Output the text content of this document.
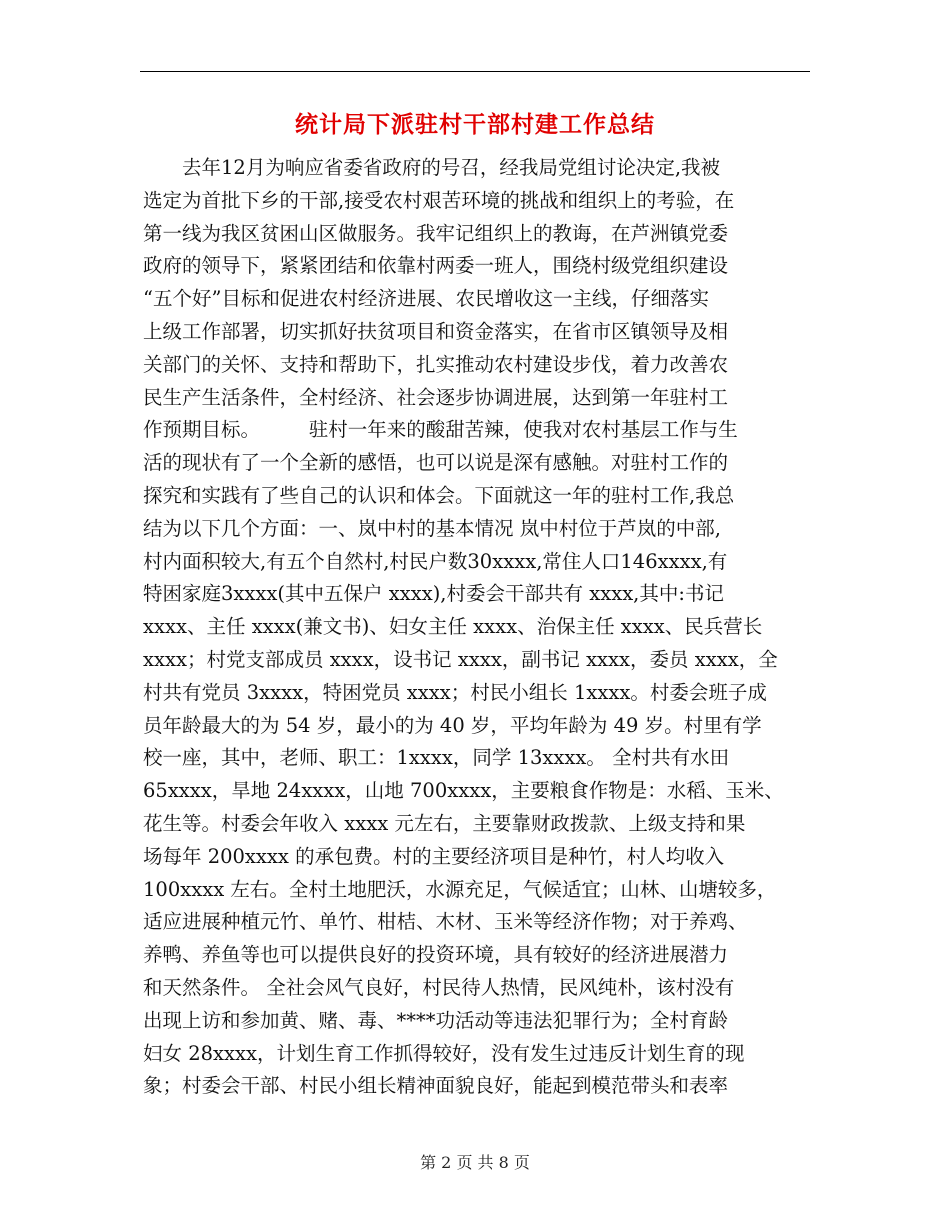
统计局下派驻村干部村建工作总结
　　去年12月为响应省委省政府的号召，经我局党组讨论决定,我被
选定为首批下乡的干部,接受农村艰苦环境的挑战和组织上的考验，在
第一线为我区贫困山区做服务。我牢记组织上的教诲，在芦洲镇党委
政府的领导下，紧紧团结和依靠村两委一班人，围绕村级党组织建设
“五个好”目标和促进农村经济进展、农民增收这一主线，仔细落实
上级工作部署，切实抓好扶贫项目和资金落实，在省市区镇领导及相
关部门的关怀、支持和帮助下，扎实推动农村建设步伐，着力改善农
民生产生活条件，全村经济、社会逐步协调进展，达到第一年驻村工
作预期目标。　　　驻村一年来的酸甜苦辣，使我对农村基层工作与生
活的现状有了一个全新的感悟，也可以说是深有感触。对驻村工作的
探究和实践有了些自己的认识和体会。下面就这一年的驻村工作,我总
结为以下几个方面：一、岚中村的基本情况 岚中村位于芦岚的中部,
村内面积较大,有五个自然村,村民户数30xxxx,常住人口146xxxx,有
特困家庭3xxxx(其中五保户 xxxx),村委会干部共有 xxxx,其中:书记
xxxx、主任 xxxx(兼文书)、妇女主任 xxxx、治保主任 xxxx、民兵营长
xxxx；村党支部成员 xxxx，设书记 xxxx，副书记 xxxx，委员 xxxx，全
村共有党员 3xxxx，特困党员 xxxx；村民小组长 1xxxx。村委会班子成
员年龄最大的为 54 岁，最小的为 40 岁，平均年龄为 49 岁。村里有学
校一座，其中，老师、职工：1xxxx，同学 13xxxx。 全村共有水田
65xxxx，旱地 24xxxx，山地 700xxxx，主要粮食作物是：水稻、玉米、
花生等。村委会年收入 xxxx 元左右，主要靠财政拨款、上级支持和果
场每年 200xxxx 的承包费。村的主要经济项目是种竹，村人均收入
100xxxx 左右。全村土地肥沃，水源充足，气候适宜；山林、山塘较多，
适应进展种植元竹、单竹、柑桔、木材、玉米等经济作物；对于养鸡、
养鸭、养鱼等也可以提供良好的投资环境，具有较好的经济进展潜力
和天然条件。 全社会风气良好，村民待人热情，民风纯朴，该村没有
出现上访和参加黄、赌、毒、****功活动等违法犯罪行为；全村育龄
妇女 28xxxx，计划生育工作抓得较好，没有发生过违反计划生育的现
象；村委会干部、村民小组长精神面貌良好，能起到模范带头和表率
第 2 页 共 8 页
